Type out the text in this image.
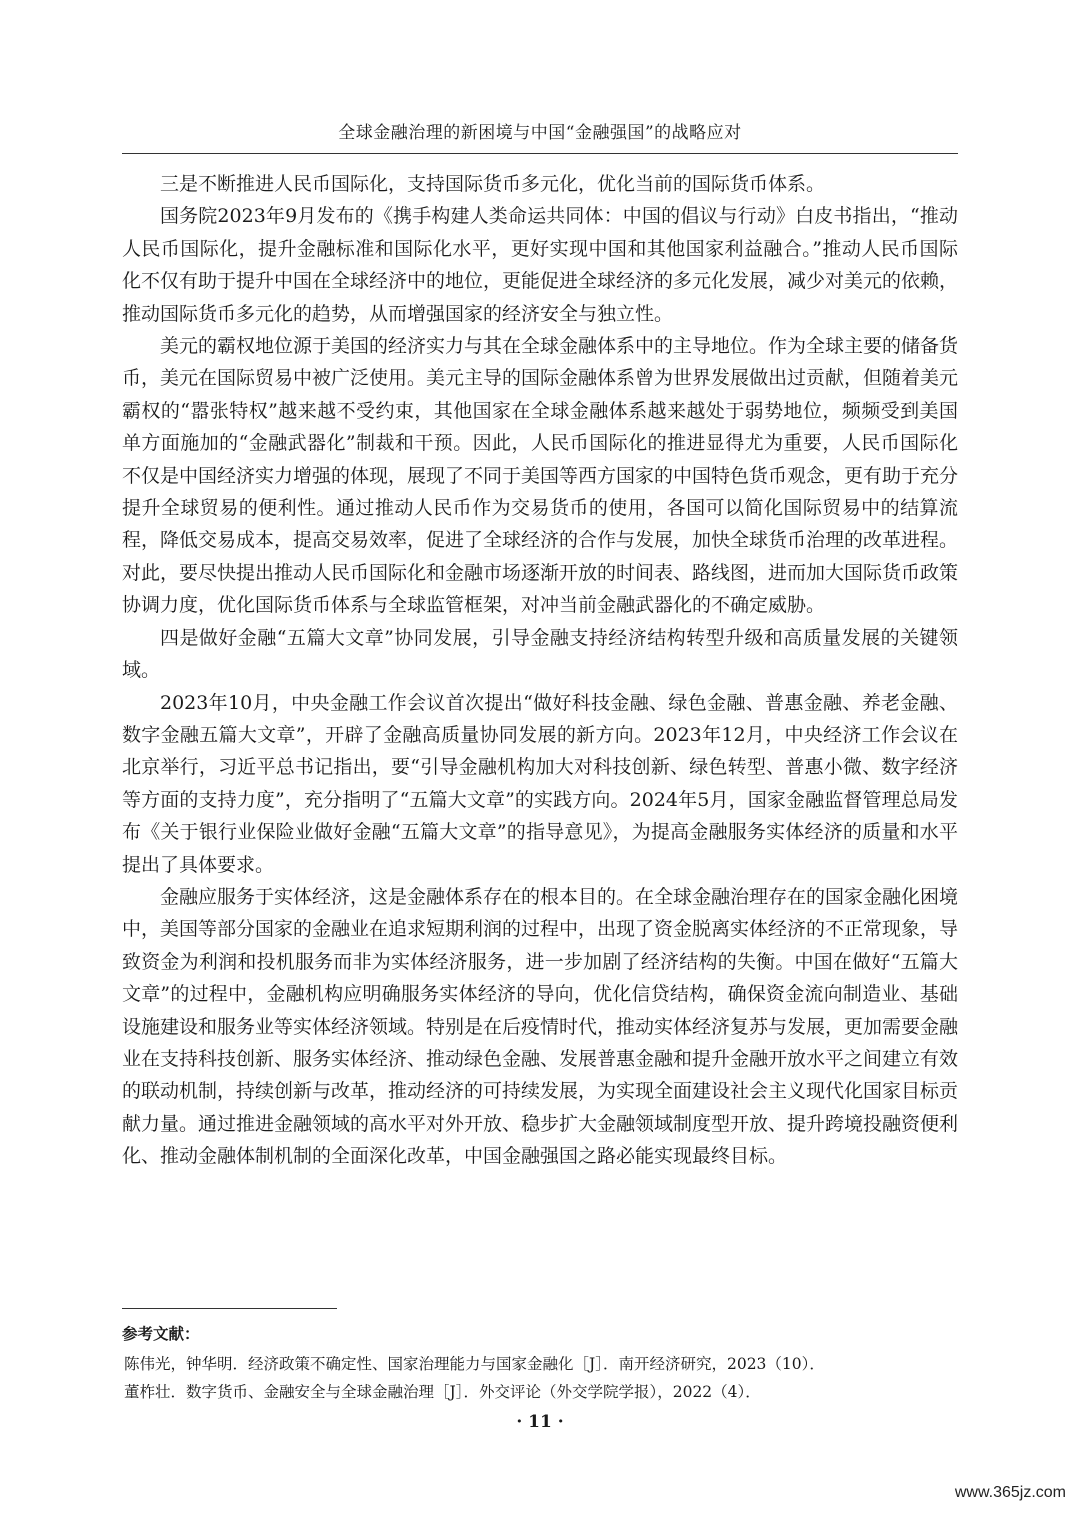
全球金融治理的新困境与中国“金融强国”的战略应对

三是不断推进人民币国际化，支持国际货币多元化，优化当前的国际货币体系。

国务院2023年9月发布的《携手构建人类命运共同体：中国的倡议与行动》白皮书指出，“推动人民币国际化，提升金融标准和国际化水平，更好实现中国和其他国家利益融合。”推动人民币国际化不仅有助于提升中国在全球经济中的地位，更能促进全球经济的多元化发展，减少对美元的依赖，推动国际货币多元化的趋势，从而增强国家的经济安全与独立性。

美元的霸权地位源于美国的经济实力与其在全球金融体系中的主导地位。作为全球主要的储备货币，美元在国际贸易中被广泛使用。美元主导的国际金融体系曾为世界发展做出过贡献，但随着美元霸权的“嚣张特权”越来越不受约束，其他国家在全球金融体系越来越处于弱势地位，频频受到美国单方面施加的“金融武器化”制裁和干预。因此，人民币国际化的推进显得尤为重要，人民币国际化不仅是中国经济实力增强的体现，展现了不同于美国等西方国家的中国特色货币观念，更有助于充分提升全球贸易的便利性。通过推动人民币作为交易货币的使用，各国可以简化国际贸易中的结算流程，降低交易成本，提高交易效率，促进了全球经济的合作与发展，加快全球货币治理的改革进程。对此，要尽快提出推动人民币国际化和金融市场逐渐开放的时间表、路线图，进而加大国际货币政策协调力度，优化国际货币体系与全球监管框架，对冲当前金融武器化的不确定威胁。

四是做好金融“五篇大文章”协同发展，引导金融支持经济结构转型升级和高质量发展的关键领域。

2023年10月，中央金融工作会议首次提出“做好科技金融、绿色金融、普惠金融、养老金融、数字金融五篇大文章”，开辟了金融高质量协同发展的新方向。2023年12月，中央经济工作会议在北京举行，习近平总书记指出，要“引导金融机构加大对科技创新、绿色转型、普惠小微、数字经济等方面的支持力度”，充分指明了“五篇大文章”的实践方向。2024年5月，国家金融监督管理总局发布《关于银行业保险业做好金融“五篇大文章”的指导意见》，为提高金融服务实体经济的质量和水平提出了具体要求。

金融应服务于实体经济，这是金融体系存在的根本目的。在全球金融治理存在的国家金融化困境中，美国等部分国家的金融业在追求短期利润的过程中，出现了资金脱离实体经济的不正常现象，导致资金为利润和投机服务而非为实体经济服务，进一步加剧了经济结构的失衡。中国在做好“五篇大文章”的过程中，金融机构应明确服务实体经济的导向，优化信贷结构，确保资金流向制造业、基础设施建设和服务业等实体经济领域。特别是在后疫情时代，推动实体经济复苏与发展，更加需要金融业在支持科技创新、服务实体经济、推动绿色金融、发展普惠金融和提升金融开放水平之间建立有效的联动机制，持续创新与改革，推动经济的可持续发展，为实现全面建设社会主义现代化国家目标贡献力量。通过推进金融领域的高水平对外开放、稳步扩大金融领域制度型开放、提升跨境投融资便利化、推动金融体制机制的全面深化改革，中国金融强国之路必能实现最终目标。

参考文献：
陈伟光，钟华明．经济政策不确定性、国家治理能力与国家金融化［J］．南开经济研究，2023（10）．
董柞壮．数字货币、金融安全与全球金融治理［J］．外交评论（外交学院学报），2022（4）．
· 11 ·
www.365jz.com
